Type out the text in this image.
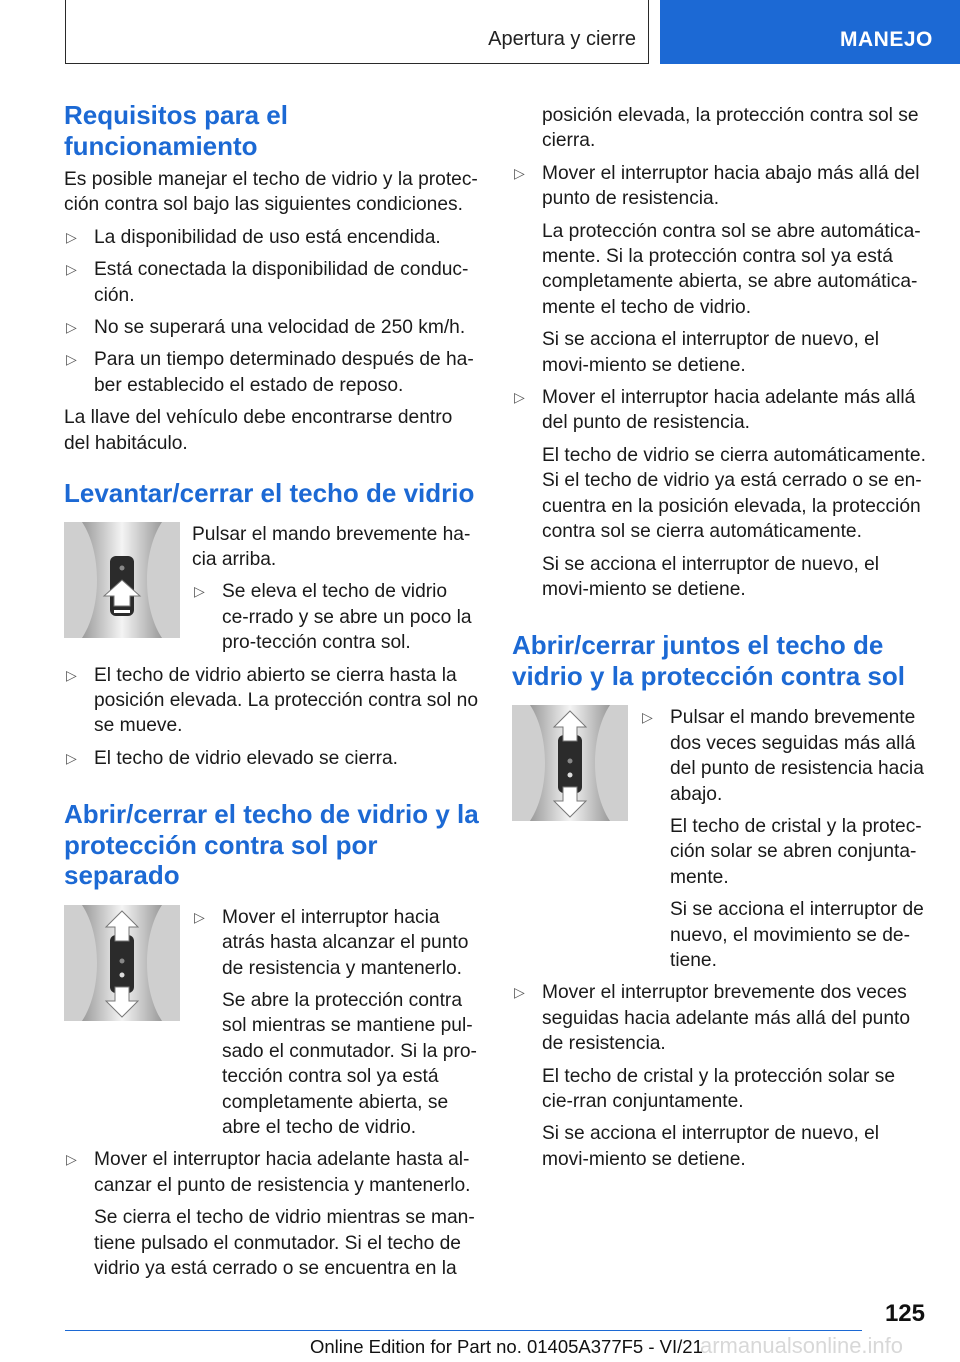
Apertura y cierre	MANEJO
Requisitos para el funcionamiento

Es posible manejar el techo de vidrio y la protec-ción contra sol bajo las siguientes condiciones.

▷ La disponibilidad de uso está encendida.
▷ Está conectada la disponibilidad de conduc-ción.
▷ No se superará una velocidad de 250 km/h.
▷ Para un tiempo determinado después de ha-ber establecido el estado de reposo.

La llave del vehículo debe encontrarse dentro del habitáculo.

Levantar/cerrar el techo de vidrio

Pulsar el mando brevemente ha-cia arriba.

▷ Se eleva el techo de vidrio ce-rrado y se abre un poco la pro-tección contra sol.
▷ El techo de vidrio abierto se cierra hasta la posición elevada. La protección contra sol no se mueve.
▷ El techo de vidrio elevado se cierra.
Abrir/cerrar el techo de vidrio y la protección contra sol por separado
▷ Mover el interruptor hacia atrás hasta alcanzar el punto de resistencia y mantenerlo.

Se abre la protección contra sol mientras se mantiene pul-sado el conmutador. Si la pro-tección contra sol ya está completamente abierta, se abre el techo de vidrio.

▷ Mover el interruptor hacia adelante hasta al-canzar el punto de resistencia y mantenerlo.

Se cierra el techo de vidrio mientras se man-tiene pulsado el conmutador. Si el techo de vidrio ya está cerrado o se encuentra en la

posición elevada, la protección contra sol se cierra.

▷ Mover el interruptor hacia abajo más allá del punto de resistencia.

La protección contra sol se abre automática-mente. Si la protección contra sol ya está completamente abierta, se abre automática-mente el techo de vidrio.

Si se acciona el interruptor de nuevo, el movi-miento se detiene.

▷ Mover el interruptor hacia adelante más allá del punto de resistencia.

El techo de vidrio se cierra automáticamente. Si el techo de vidrio ya está cerrado o se en-cuentra en la posición elevada, la protección contra sol se cierra automáticamente.

Si se acciona el interruptor de nuevo, el movi-miento se detiene.

Abrir/cerrar juntos el techo de vidrio y la protección contra sol
▷ Pulsar el mando brevemente dos veces seguidas más allá del punto de resistencia hacia abajo.

El techo de cristal y la protec-ción solar se abren conjunta-mente.

Si se acciona el interruptor de nuevo, el movimiento se de-tiene.

▷ Mover el interruptor brevemente dos veces seguidas hacia adelante más allá del punto de resistencia.

El techo de cristal y la protección solar se cie-rran conjuntamente.

Si se acciona el interruptor de nuevo, el movi-miento se detiene.

125
Online Edition for Part no. 01405A377F5 - VI/21
armanualsonline.info
